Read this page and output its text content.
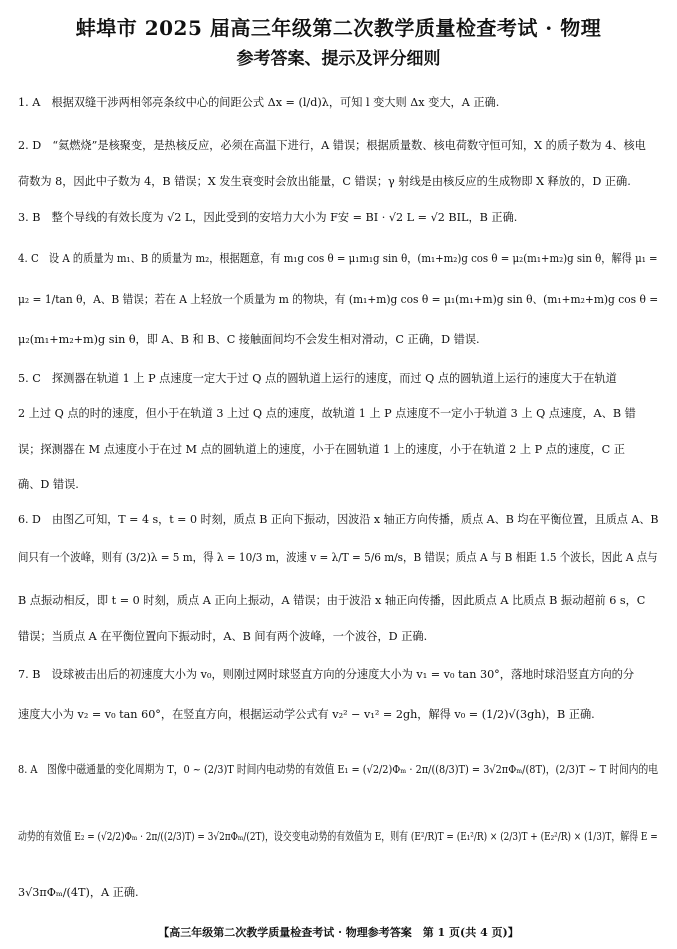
蚌埠市 2025 届高三年级第二次教学质量检查考试 · 物理
参考答案、提示及评分细则
1. A　根据双缝干涉两相邻亮条纹中心的间距公式 Δx = (l/d)λ，可知 l 变大则 Δx 变大，A 正确.
2. D　“氦燃烧”是核聚变，是热核反应，必须在高温下进行，A 错误；根据质量数、核电荷数守恒可知，X 的质子数为 4、核电
荷数为 8，因此中子数为 4，B 错误；X 发生衰变时会放出能量，C 错误；γ 射线是由核反应的生成物即 X 释放的，D 正确.
3. B　整个导线的有效长度为 √2 L，因此受到的安培力大小为 F安 = BI · √2 L = √2 BIL，B 正确.
4. C　设 A 的质量为 m₁、B 的质量为 m₂，根据题意，有 m₁g cos θ = μ₁m₁g sin θ，(m₁+m₂)g cos θ = μ₂(m₁+m₂)g sin θ，解得 μ₁ =
μ₂ = 1/tan θ，A、B 错误；若在 A 上轻放一个质量为 m 的物块，有 (m₁+m)g cos θ = μ₁(m₁+m)g sin θ、(m₁+m₂+m)g cos θ =
μ₂(m₁+m₂+m)g sin θ，即 A、B 和 B、C 接触面间均不会发生相对滑动，C 正确，D 错误.
5. C　探测器在轨道 1 上 P 点速度一定大于过 Q 点的圆轨道上运行的速度，而过 Q 点的圆轨道上运行的速度大于在轨道
2 上过 Q 点的时的速度，但小于在轨道 3 上过 Q 点的速度，故轨道 1 上 P 点速度不一定小于轨道 3 上 Q 点速度，A、B 错
误；探测器在 M 点速度小于在过 M 点的圆轨道上的速度，小于在圆轨道 1 上的速度，小于在轨道 2 上 P 点的速度，C 正
确、D 错误.
6. D　由图乙可知，T = 4 s，t = 0 时刻，质点 B 正向下振动，因波沿 x 轴正方向传播，质点 A、B 均在平衡位置，且质点 A、B
间只有一个波峰，则有 (3/2)λ = 5 m，得 λ = 10/3 m，波速 v = λ/T = 5/6 m/s，B 错误；质点 A 与 B 相距 1.5 个波长，因此 A 点与
B 点振动相反，即 t = 0 时刻，质点 A 正向上振动，A 错误；由于波沿 x 轴正向传播，因此质点 A 比质点 B 振动超前 6 s，C
错误；当质点 A 在平衡位置向下振动时，A、B 间有两个波峰，一个波谷，D 正确.
7. B　设球被击出后的初速度大小为 v₀，则刚过网时球竖直方向的分速度大小为 v₁ = v₀ tan 30°，落地时球沿竖直方向的分
速度大小为 v₂ = v₀ tan 60°，在竖直方向，根据运动学公式有 v₂² − v₁² = 2gh，解得 v₀ = (1/2)√(3gh)，B 正确.
8. A　图像中磁通量的变化周期为 T，0 ~ (2/3)T 时间内电动势的有效值 E₁ = (√2/2)Φₘ · 2π/((8/3)T) = 3√2πΦₘ/(8T)，(2/3)T ~ T 时间内的电
动势的有效值 E₂ = (√2/2)Φₘ · 2π/((2/3)T) = 3√2πΦₘ/(2T)，设交变电动势的有效值为 E，则有 (E²/R)T = (E₁²/R) × (2/3)T + (E₂²/R) × (1/3)T，解得 E =
3√3πΦₘ/(4T)，A 正确.
【高三年级第二次教学质量检查考试 · 物理参考答案　第 1 页(共 4 页)】
